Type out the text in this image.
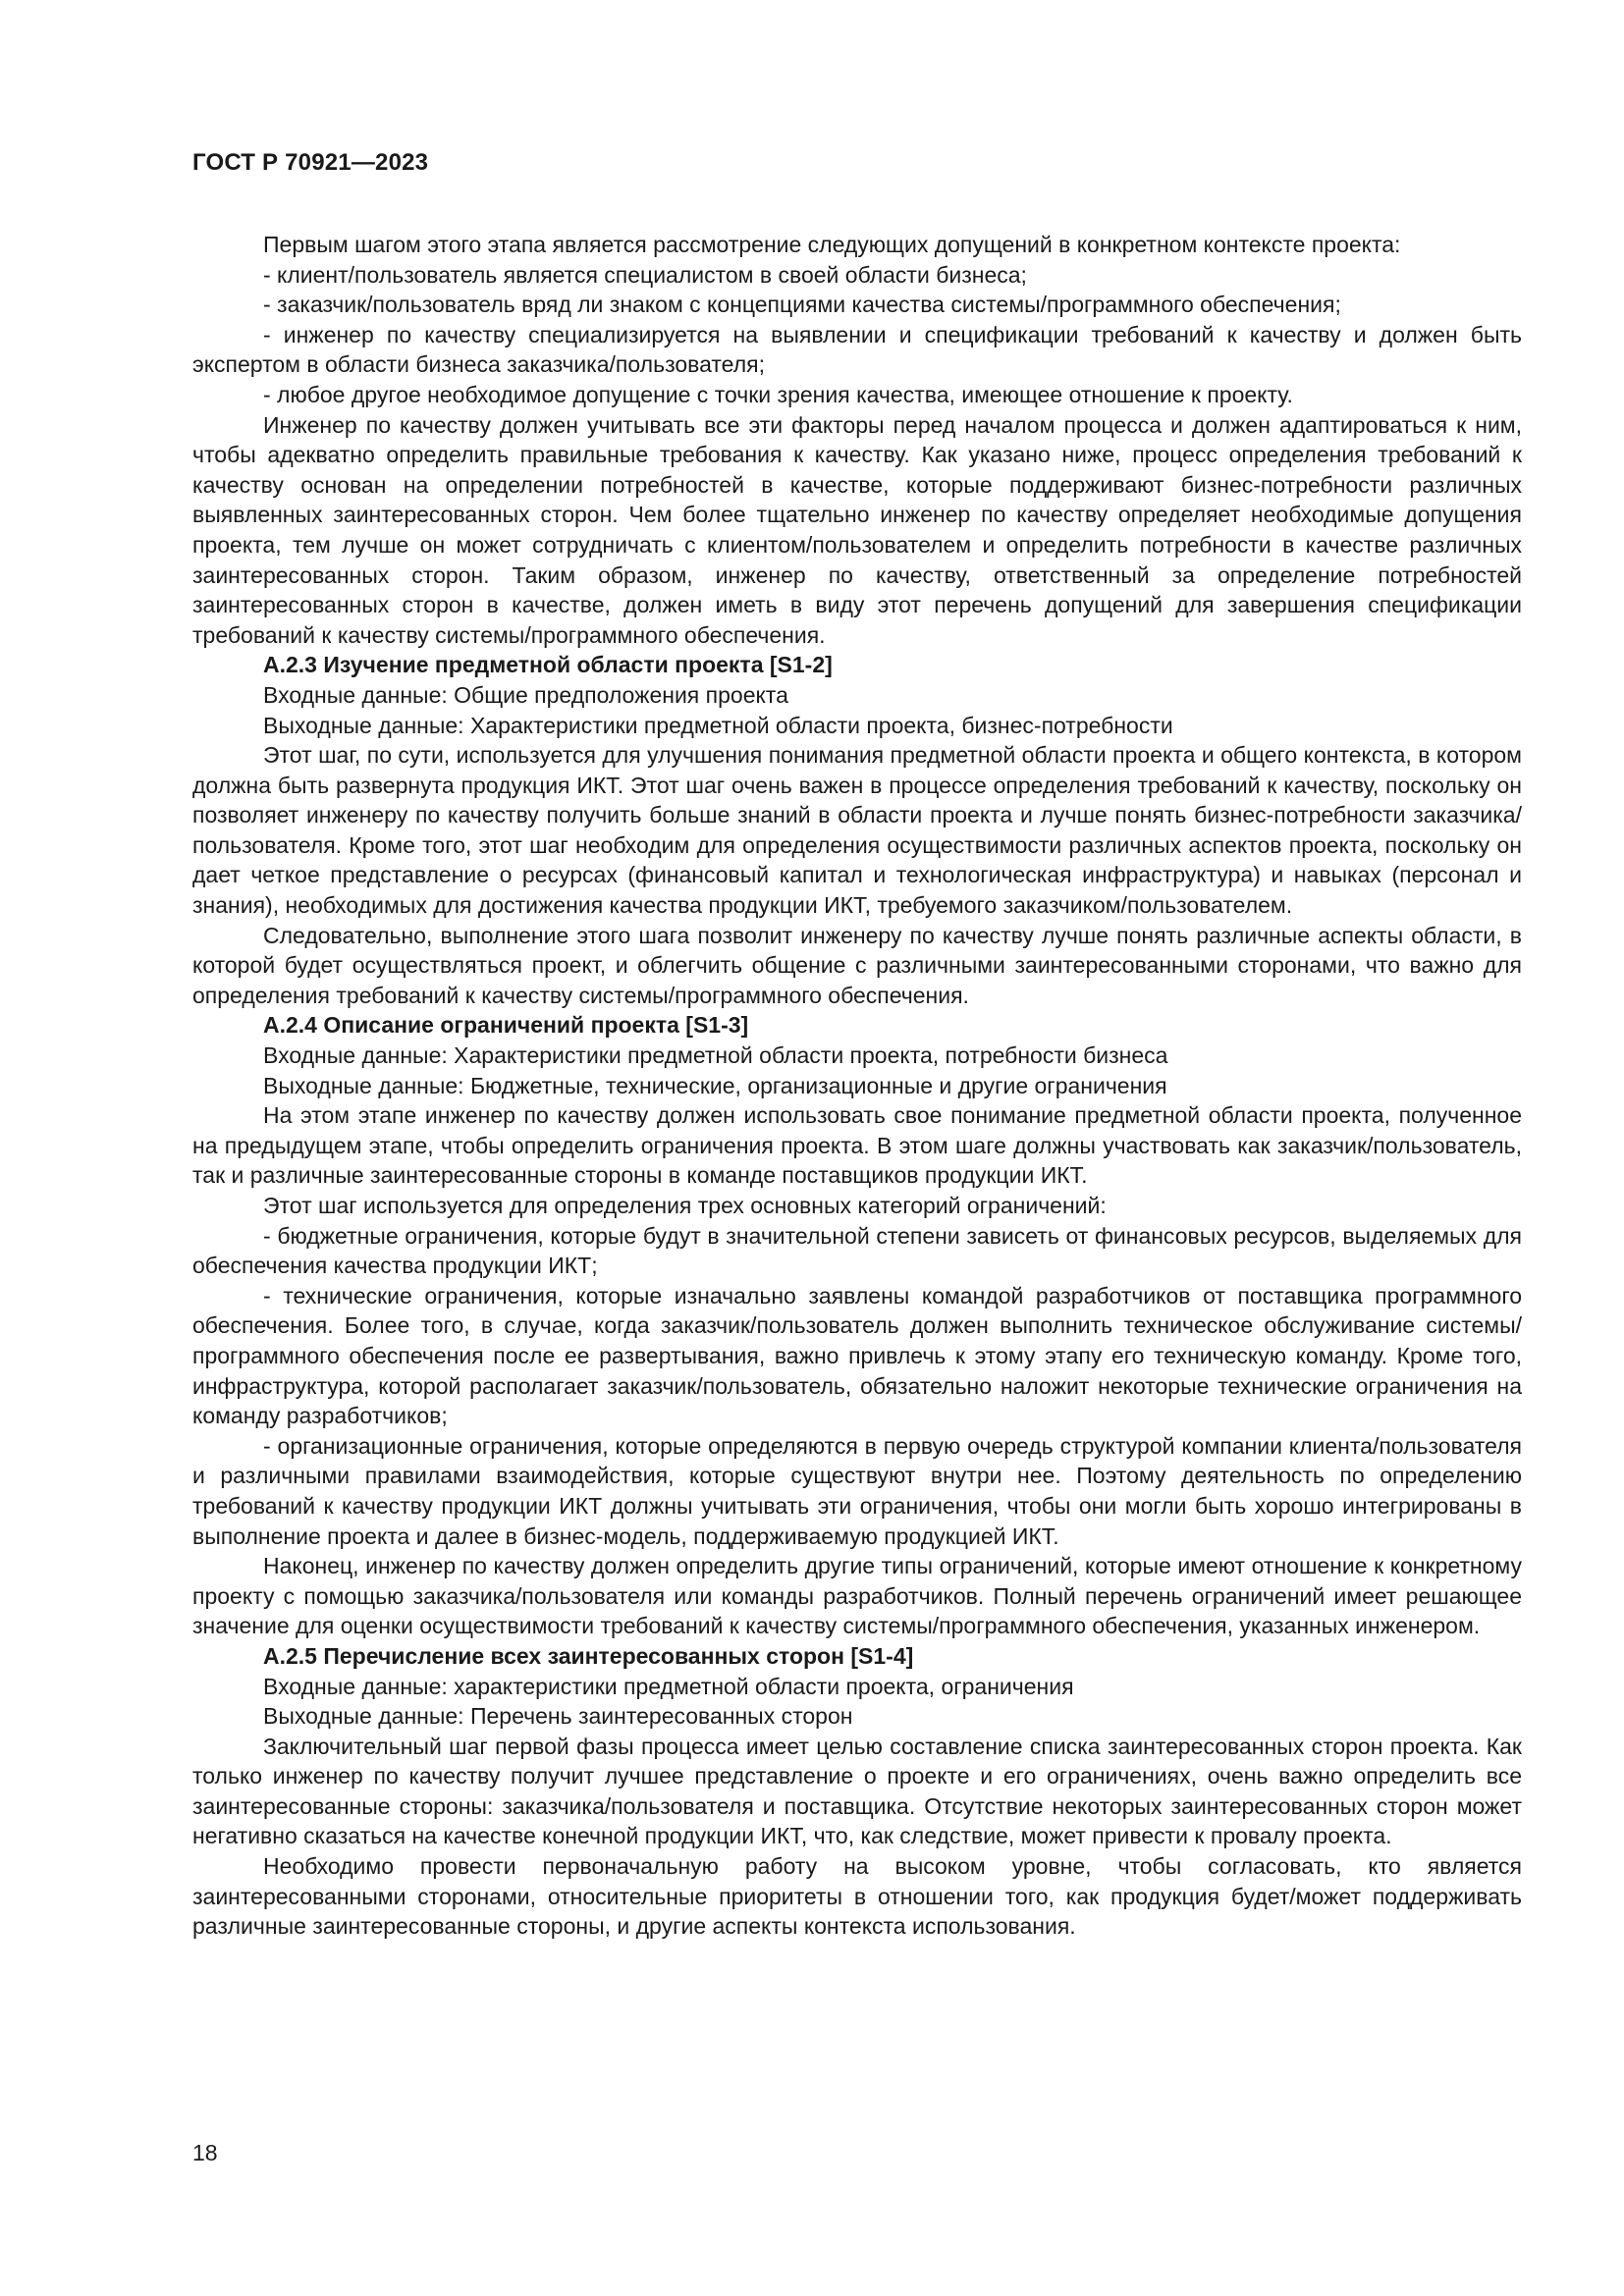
ГОСТ Р 70921—2023

Первым шагом этого этапа является рассмотрение следующих допущений в конкретном контексте проекта:

- клиент/пользователь является специалистом в своей области бизнеса;

- заказчик/пользователь вряд ли знаком с концепциями качества системы/программного обеспечения;

- инженер по качеству специализируется на выявлении и спецификации требований к качеству и должен быть экспертом в области бизнеса заказчика/пользователя;

- любое другое необходимое допущение с точки зрения качества, имеющее отношение к проекту.

Инженер по качеству должен учитывать все эти факторы перед началом процесса и должен адаптироваться к ним, чтобы адекватно определить правильные требования к качеству. Как указано ниже, процесс определения требований к качеству основан на определении потребностей в качестве, которые поддерживают бизнес-потребности различных выявленных заинтересованных сторон. Чем более тщательно инженер по качеству определяет необходимые допущения проекта, тем лучше он может сотрудничать с клиентом/пользователем и определить потребности в качестве различных заинтересованных сторон. Таким образом, инженер по качеству, ответственный за определение потребностей заинтересованных сторон в качестве, должен иметь в виду этот перечень допущений для завершения спецификации требований к качеству системы/программного обеспечения.

А.2.3 Изучение предметной области проекта [S1-2]

Входные данные: Общие предположения проекта

Выходные данные: Характеристики предметной области проекта, бизнес-потребности

Этот шаг, по сути, используется для улучшения понимания предметной области проекта и общего контекста, в котором должна быть развернута продукция ИКТ. Этот шаг очень важен в процессе определения требований к качеству, поскольку он позволяет инженеру по качеству получить больше знаний в области проекта и лучше понять бизнес-потребности заказчика/пользователя. Кроме того, этот шаг необходим для определения осуществимости различных аспектов проекта, поскольку он дает четкое представление о ресурсах (финансовый капитал и технологическая инфраструктура) и навыках (персонал и знания), необходимых для достижения качества продукции ИКТ, требуемого заказчиком/пользователем.

Следовательно, выполнение этого шага позволит инженеру по качеству лучше понять различные аспекты области, в которой будет осуществляться проект, и облегчить общение с различными заинтересованными сторонами, что важно для определения требований к качеству системы/программного обеспечения.

А.2.4 Описание ограничений проекта [S1-3]

Входные данные: Характеристики предметной области проекта, потребности бизнеса

Выходные данные: Бюджетные, технические, организационные и другие ограничения

На этом этапе инженер по качеству должен использовать свое понимание предметной области проекта, полученное на предыдущем этапе, чтобы определить ограничения проекта. В этом шаге должны участвовать как заказчик/пользователь, так и различные заинтересованные стороны в команде поставщиков продукции ИКТ.

Этот шаг используется для определения трех основных категорий ограничений:

- бюджетные ограничения, которые будут в значительной степени зависеть от финансовых ресурсов, выделяемых для обеспечения качества продукции ИКТ;

- технические ограничения, которые изначально заявлены командой разработчиков от поставщика программного обеспечения. Более того, в случае, когда заказчик/пользователь должен выполнить техническое обслуживание системы/программного обеспечения после ее развертывания, важно привлечь к этому этапу его техническую команду. Кроме того, инфраструктура, которой располагает заказчик/пользователь, обязательно наложит некоторые технические ограничения на команду разработчиков;

- организационные ограничения, которые определяются в первую очередь структурой компании клиента/пользователя и различными правилами взаимодействия, которые существуют внутри нее. Поэтому деятельность по определению требований к качеству продукции ИКТ должны учитывать эти ограничения, чтобы они могли быть хорошо интегрированы в выполнение проекта и далее в бизнес-модель, поддерживаемую продукцией ИКТ.

Наконец, инженер по качеству должен определить другие типы ограничений, которые имеют отношение к конкретному проекту с помощью заказчика/пользователя или команды разработчиков. Полный перечень ограничений имеет решающее значение для оценки осуществимости требований к качеству системы/программного обеспечения, указанных инженером.

А.2.5 Перечисление всех заинтересованных сторон [S1-4]

Входные данные: характеристики предметной области проекта, ограничения

Выходные данные: Перечень заинтересованных сторон

Заключительный шаг первой фазы процесса имеет целью составление списка заинтересованных сторон проекта. Как только инженер по качеству получит лучшее представление о проекте и его ограничениях, очень важно определить все заинтересованные стороны: заказчика/пользователя и поставщика. Отсутствие некоторых заинтересованных сторон может негативно сказаться на качестве конечной продукции ИКТ, что, как следствие, может привести к провалу проекта.

Необходимо провести первоначальную работу на высоком уровне, чтобы согласовать, кто является заинтересованными сторонами, относительные приоритеты в отношении того, как продукция будет/может поддерживать различные заинтересованные стороны, и другие аспекты контекста использования.

18
